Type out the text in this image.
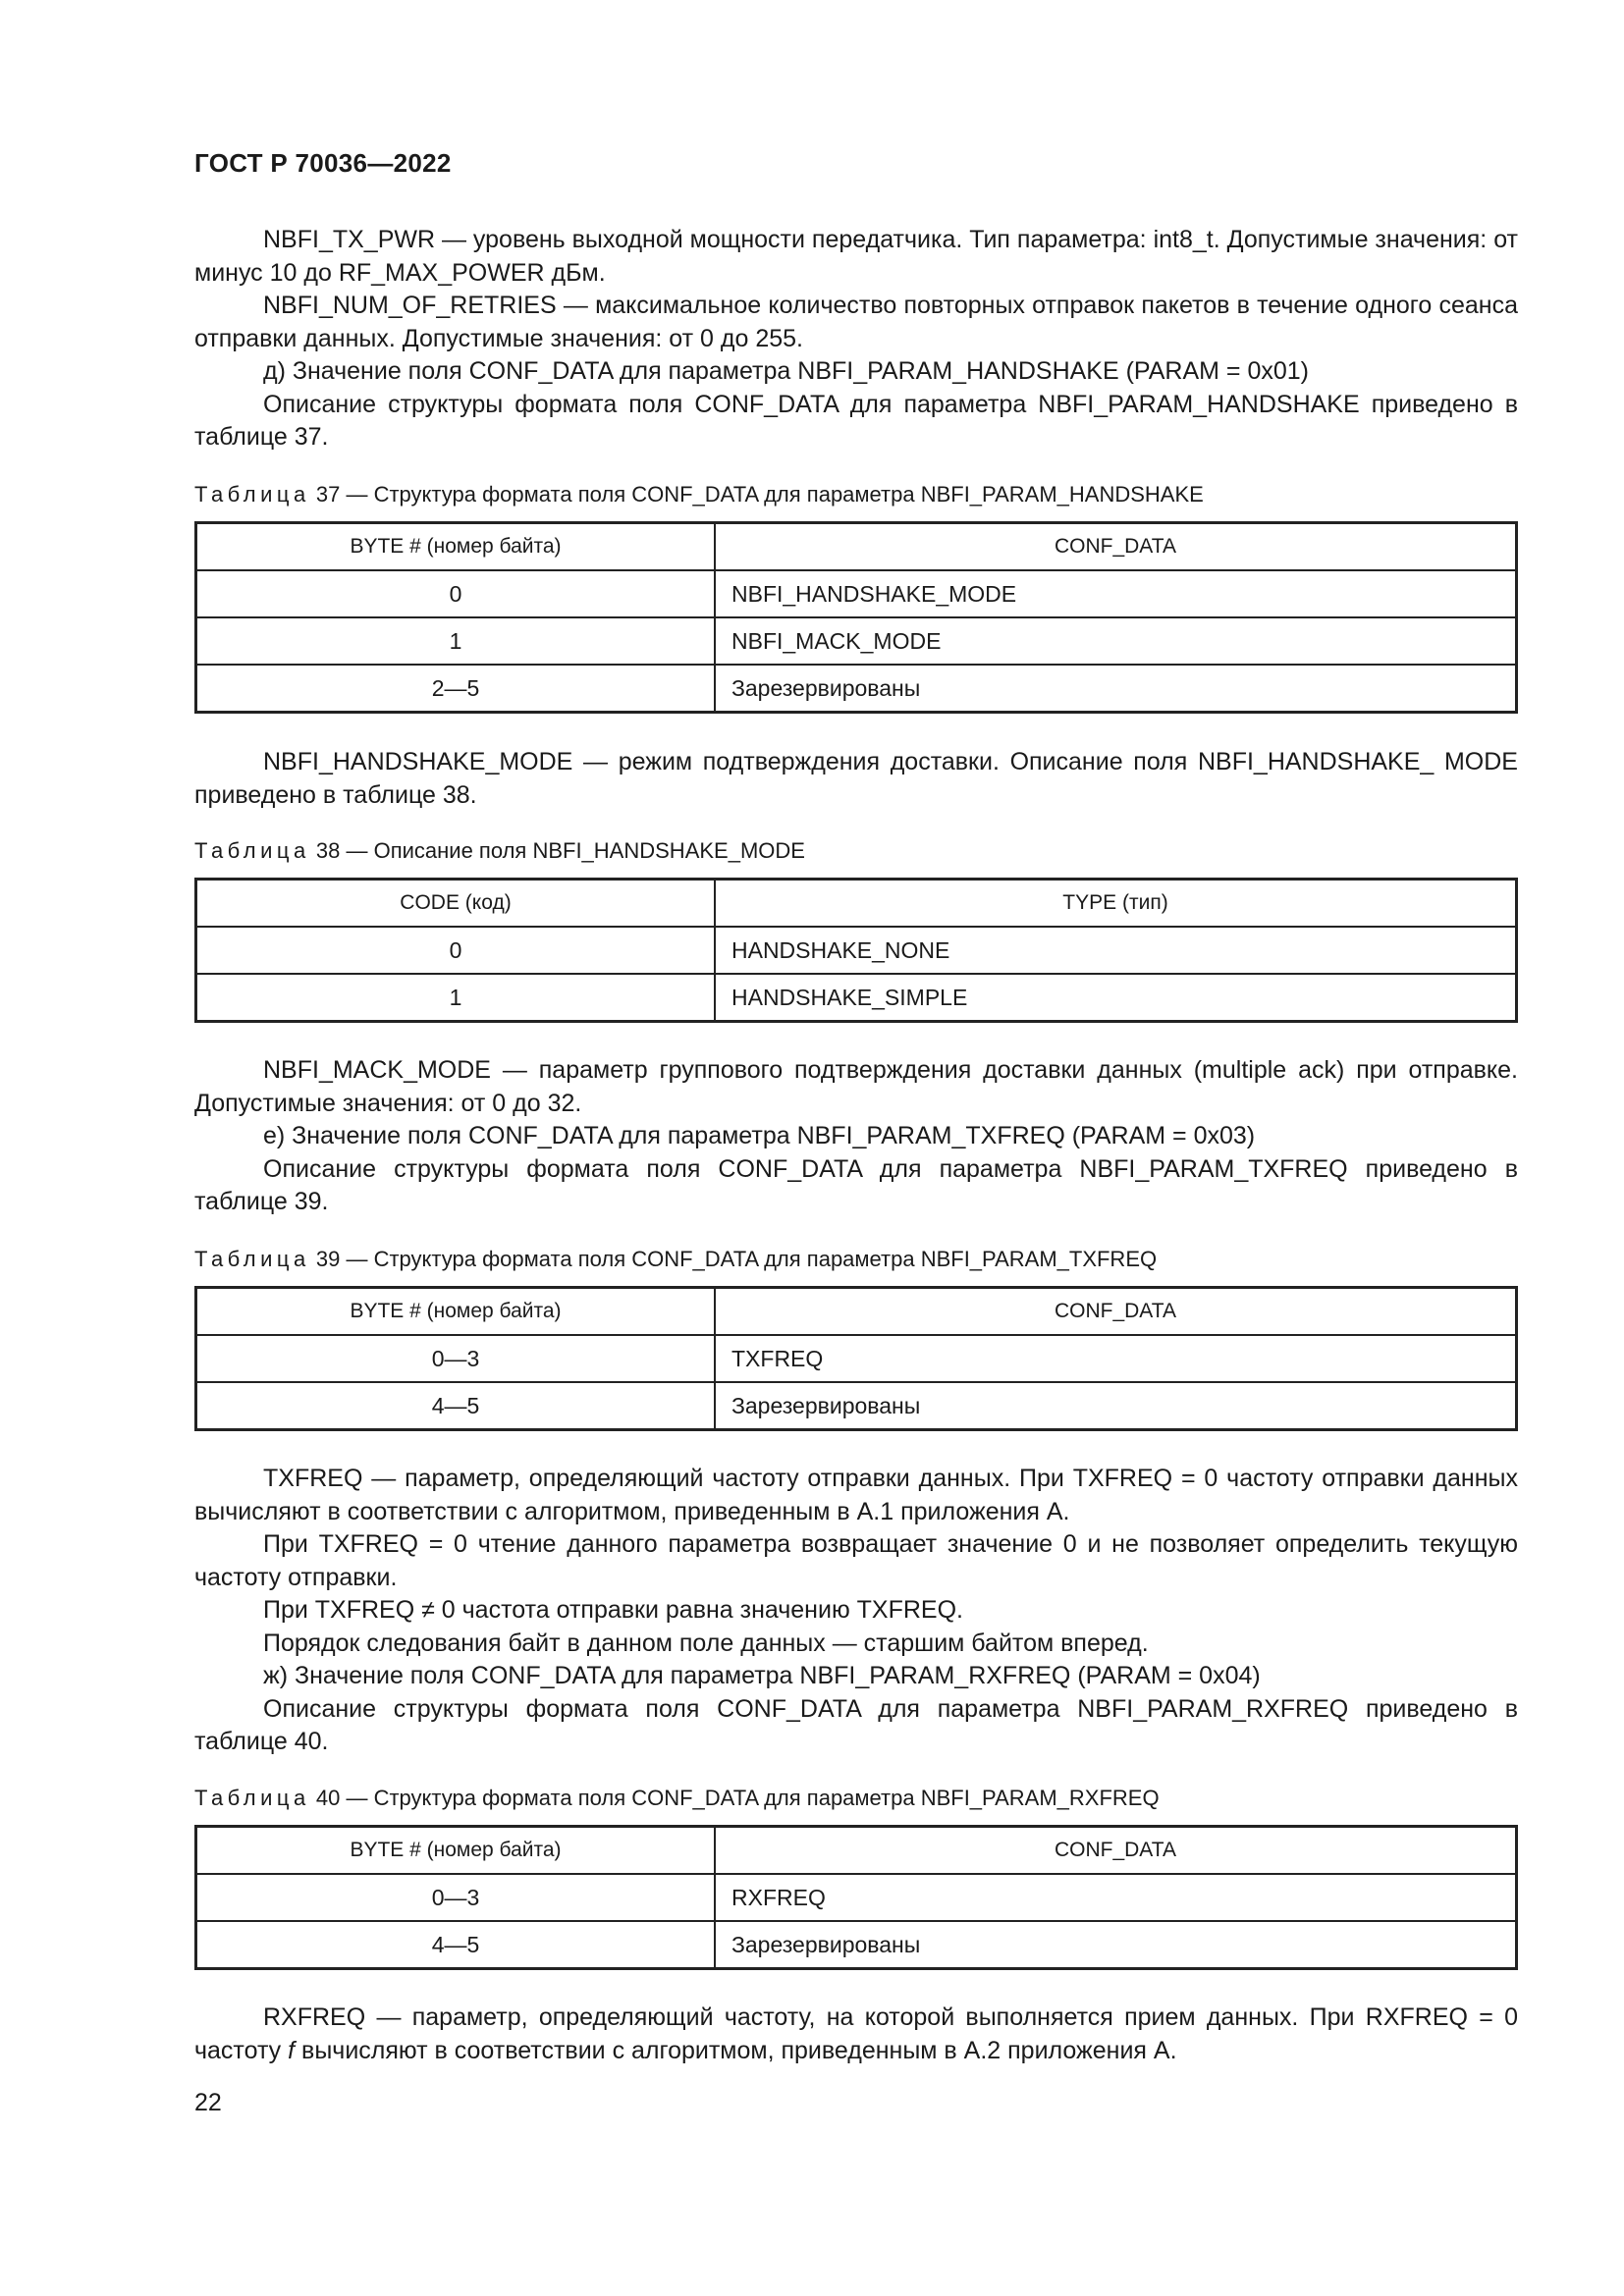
ГОСТ Р 70036—2022

NBFI_TX_PWR — уровень выходной мощности передатчика. Тип параметра: int8_t. Допустимые значения: от минус 10 до RF_MAX_POWER дБм.

NBFI_NUM_OF_RETRIES — максимальное количество повторных отправок пакетов в течение одного сеанса отправки данных. Допустимые значения: от 0 до 255.

д) Значение поля CONF_DATA для параметра NBFI_PARAM_HANDSHAKE (PARAM = 0x01)

Описание структуры формата поля CONF_DATA для параметра NBFI_PARAM_HANDSHAKE приведено в таблице 37.

Таблица 37 — Структура формата поля CONF_DATA для параметра NBFI_PARAM_HANDSHAKE

BYTE # (номер байта)	CONF_DATA
0	NBFI_HANDSHAKE_MODE
1	NBFI_MACK_MODE
2—5	Зарезервированы

NBFI_HANDSHAKE_MODE — режим подтверждения доставки. Описание поля NBFI_HANDSHAKE_ MODE приведено в таблице 38.

Таблица 38 — Описание поля NBFI_HANDSHAKE_MODE

CODE (код)	TYPE (тип)
0	HANDSHAKE_NONE
1	HANDSHAKE_SIMPLE

NBFI_MACK_MODE — параметр группового подтверждения доставки данных (multiple ack) при отправке. Допустимые значения: от 0 до 32.

е) Значение поля CONF_DATA для параметра NBFI_PARAM_TXFREQ (PARAM = 0x03)

Описание структуры формата поля CONF_DATA для параметра NBFI_PARAM_TXFREQ приведено в таблице 39.

Таблица 39 — Структура формата поля CONF_DATA для параметра NBFI_PARAM_TXFREQ

BYTE # (номер байта)	CONF_DATA
0—3	TXFREQ
4—5	Зарезервированы

TXFREQ — параметр, определяющий частоту отправки данных. При TXFREQ = 0 частоту отправки данных вычисляют в соответствии с алгоритмом, приведенным в А.1 приложения А.

При TXFREQ = 0 чтение данного параметра возвращает значение 0 и не позволяет определить текущую частоту отправки.

При TXFREQ ≠ 0 частота отправки равна значению TXFREQ.

Порядок следования байт в данном поле данных — старшим байтом вперед.

ж) Значение поля CONF_DATA для параметра NBFI_PARAM_RXFREQ (PARAM = 0x04)

Описание структуры формата поля CONF_DATA для параметра NBFI_PARAM_RXFREQ приведено в таблице 40.

Таблица 40 — Структура формата поля CONF_DATA для параметра NBFI_PARAM_RXFREQ

BYTE # (номер байта)	CONF_DATA
0—3	RXFREQ
4—5	Зарезервированы

RXFREQ — параметр, определяющий частоту, на которой выполняется прием данных. При RXFREQ = 0 частоту f вычисляют в соответствии с алгоритмом, приведенным в А.2 приложения А.

22
